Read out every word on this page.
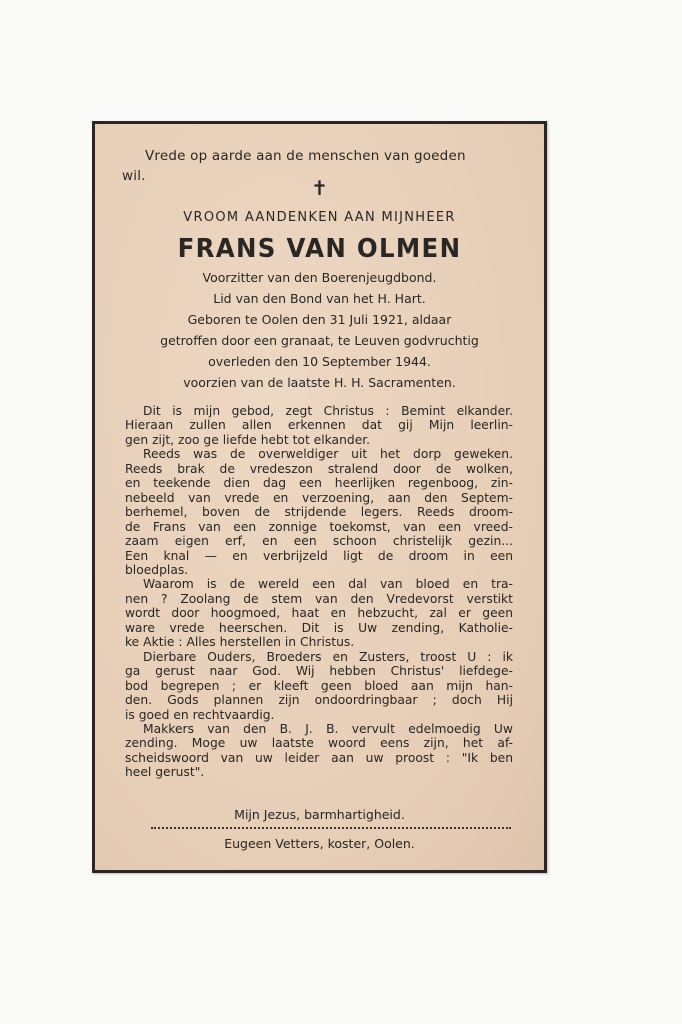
Vrede op aarde aan de menschen van goeden
wil.	✝
VROOM AANDENKEN AAN MIJNHEER
FRANS VAN OLMEN
Voorzitter van den Boerenjeugdbond.
Lid van den Bond van het H. Hart.
Geboren te Oolen den 31 Juli 1921, aldaar
getroffen door een granaat, te Leuven godvruchtig
overleden den 10 September 1944.
voorzien van de laatste H. H. Sacramenten.
Dit is mijn gebod, zegt Christus : Bemint elkander.
Hieraan zullen allen erkennen dat gij Mijn leerlin-
gen zijt, zoo ge liefde hebt tot elkander.
Reeds was de overweldiger uit het dorp geweken.
Reeds brak de vredeszon stralend door de wolken,
en teekende dien dag een heerlijken regenboog, zin-
nebeeld van vrede en verzoening, aan den Septem-
berhemel, boven de strijdende legers. Reeds droom-
de Frans van een zonnige toekomst, van een vreed-
zaam eigen erf, en een schoon christelijk gezin...
Een knal — en verbrijzeld ligt de droom in een
bloedplas.
Waarom is de wereld een dal van bloed en tra-
nen ? Zoolang de stem van den Vredevorst verstikt
wordt door hoogmoed, haat en hebzucht, zal er geen
ware vrede heerschen. Dit is Uw zending, Katholie-
ke Aktie : Alles herstellen in Christus.
Dierbare Ouders, Broeders en Zusters, troost U : ik
ga gerust naar God. Wij hebben Christus' liefdege-
bod begrepen ; er kleeft geen bloed aan mijn han-
den. Gods plannen zijn ondoordringbaar ; doch Hij
is goed en rechtvaardig.
Makkers van den B. J. B. vervult edelmoedig Uw
zending. Moge uw laatste woord eens zijn, het af-
scheidswoord van uw leider aan uw proost : "Ik ben
heel gerust".
Mijn Jezus, barmhartigheid.
Eugeen Vetters, koster, Oolen.
